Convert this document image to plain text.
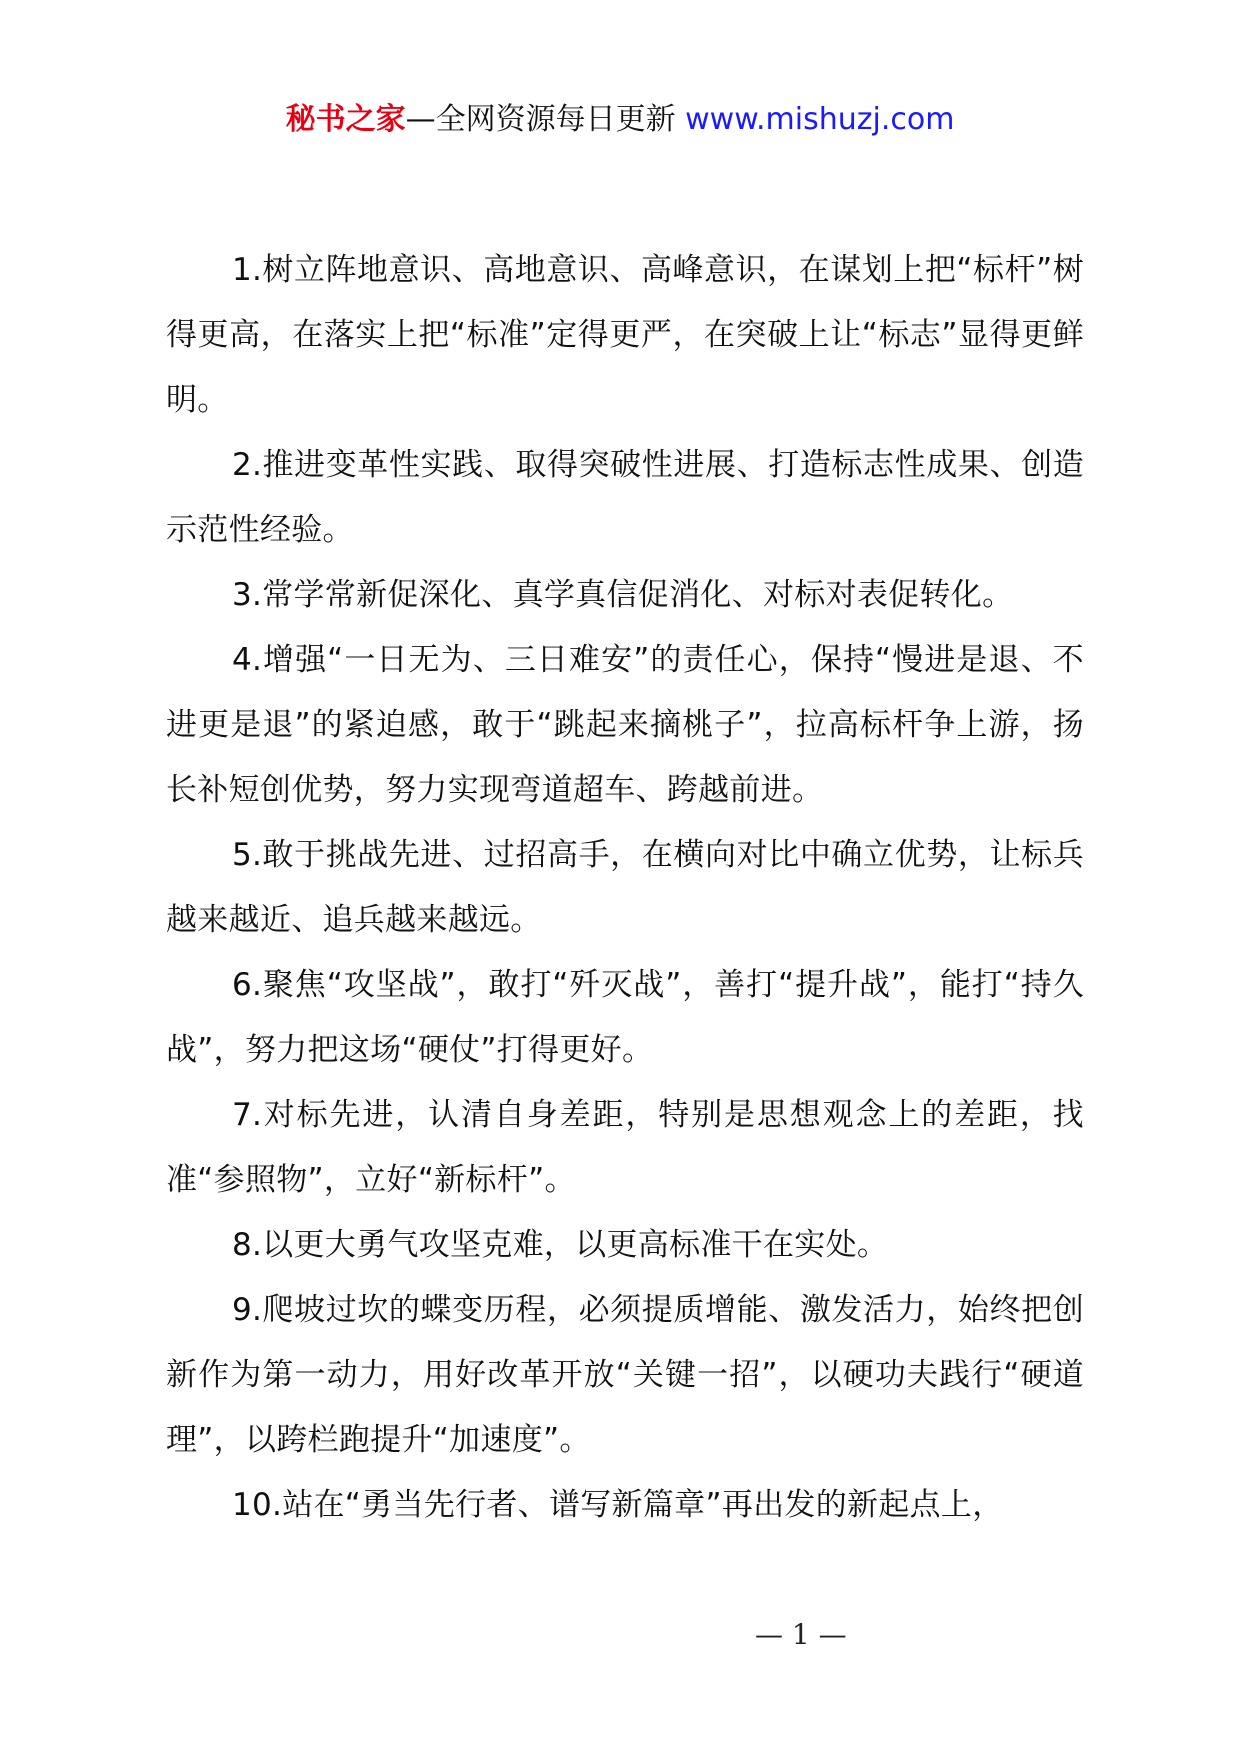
秘书之家—全网资源每日更新 www.mishuzj.com

1.树立阵地意识、高地意识、高峰意识，在谋划上把“标杆”树得更高，在落实上把“标准”定得更严，在突破上让“标志”显得更鲜明。

2.推进变革性实践、取得突破性进展、打造标志性成果、创造示范性经验。

3.常学常新促深化、真学真信促消化、对标对表促转化。

4.增强“一日无为、三日难安”的责任心，保持“慢进是退、不进更是退”的紧迫感，敢于“跳起来摘桃子”，拉高标杆争上游，扬长补短创优势，努力实现弯道超车、跨越前进。

5.敢于挑战先进、过招高手，在横向对比中确立优势，让标兵越来越近、追兵越来越远。

6.聚焦“攻坚战”，敢打“歼灭战”，善打“提升战”，能打“持久战”，努力把这场“硬仗”打得更好。

7.对标先进，认清自身差距，特别是思想观念上的差距，找准“参照物”，立好“新标杆”。

8.以更大勇气攻坚克难，以更高标准干在实处。

9.爬坡过坎的蝶变历程，必须提质增能、激发活力，始终把创新作为第一动力，用好改革开放“关键一招”，以硬功夫践行“硬道理”，以跨栏跑提升“加速度”。

10.站在“勇当先行者、谱写新篇章”再出发的新起点上，

— 1 —
